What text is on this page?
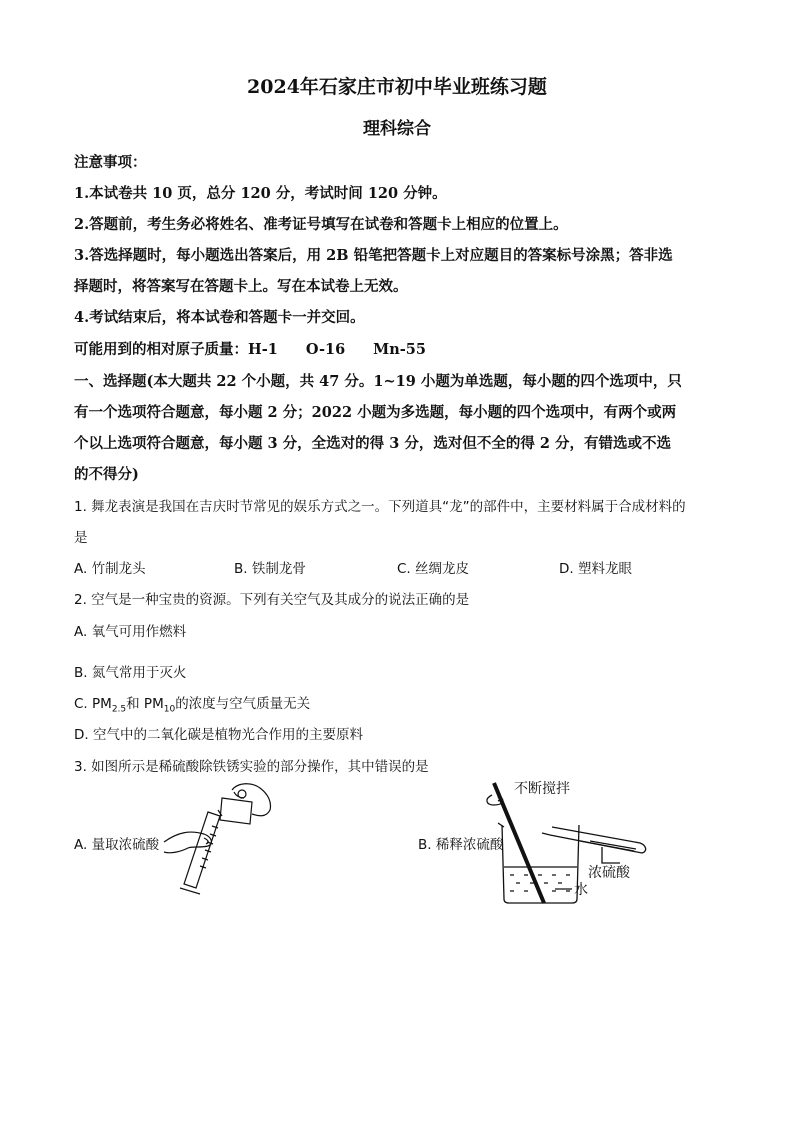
2024年石家庄市初中毕业班练习题
理科综合
注意事项：
1.本试卷共 10 页，总分 120 分，考试时间 120 分钟。
2.答题前，考生务必将姓名、准考证号填写在试卷和答题卡上相应的位置上。
3.答选择题时，每小题选出答案后，用 2B 铅笔把答题卡上对应题目的答案标号涂黑；答非选
择题时，将答案写在答题卡上。写在本试卷上无效。
4.考试结束后，将本试卷和答题卡一并交回。
可能用到的相对原子质量：H-1 O-16 Mn-55
一、选择题(本大题共 22 个小题，共 47 分。1~19 小题为单选题，每小题的四个选项中，只
有一个选项符合题意，每小题 2 分；2022 小题为多选题，每小题的四个选项中，有两个或两
个以上选项符合题意，每小题 3 分，全选对的得 3 分，选对但不全的得 2 分，有错选或不选
的不得分)
1. 舞龙表演是我国在吉庆时节常见的娱乐方式之一。下列道具“龙”的部件中，主要材料属于合成材料的
是
A. 竹制龙头	B. 铁制龙骨	C. 丝绸龙皮	D. 塑料龙眼
2. 空气是一种宝贵的资源。下列有关空气及其成分的说法正确的是
A. 氧气可用作燃料
B. 氮气常用于灭火
C. $PM_{2.5}$和 $PM_{10}$的浓度与空气质量无关
D. 空气中的二氧化碳是植物光合作用的主要原料
3. 如图所示是稀硫酸除铁锈实验的部分操作，其中错误的是
A. 量取浓硫酸	B. 稀释浓硫酸
不断搅拌
浓硫酸
水
